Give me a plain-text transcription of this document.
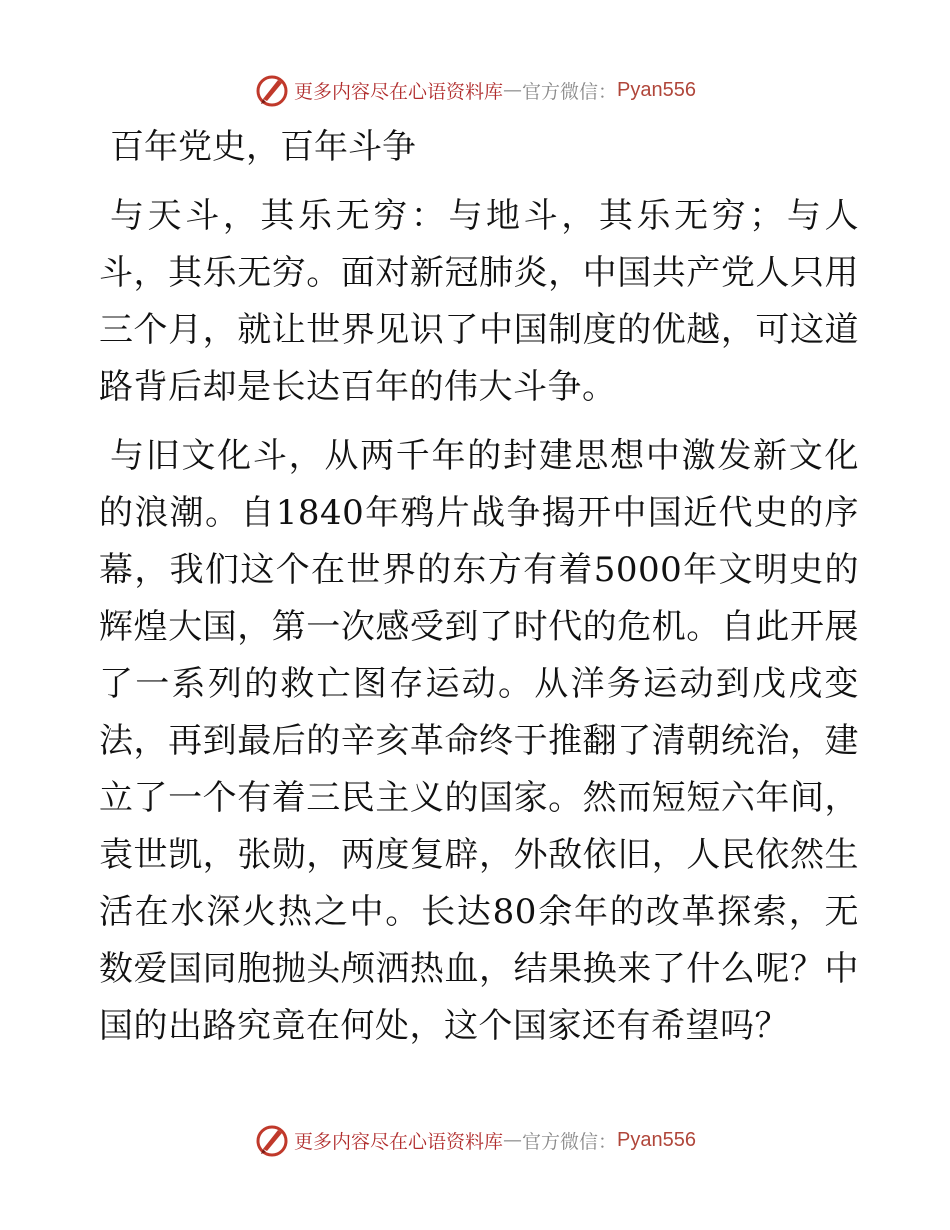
更多内容尽在心语资料库 — 官方微信： Pyan556
百年党史，百年斗争

与天斗，其乐无穷：与地斗，其乐无穷；与人斗，其乐无穷。面对新冠肺炎，中国共产党人只用三个月，就让世界见识了中国制度的优越，可这道路背后却是长达百年的伟大斗争。

与旧文化斗，从两千年的封建思想中激发新文化的浪潮。自1840年鸦片战争揭开中国近代史的序幕，我们这个在世界的东方有着5000年文明史的辉煌大国，第一次感受到了时代的危机。自此开展了一系列的救亡图存运动。从洋务运动到戊戌变法，再到最后的辛亥革命终于推翻了清朝统治，建立了一个有着三民主义的国家。然而短短六年间，袁世凯，张勋，两度复辟，外敌依旧，人民依然生活在水深火热之中。长达80余年的改革探索，无数爱国同胞抛头颅洒热血，结果换来了什么呢？中国的出路究竟在何处，这个国家还有希望吗？

更多内容尽在心语资料库 — 官方微信： Pyan556
